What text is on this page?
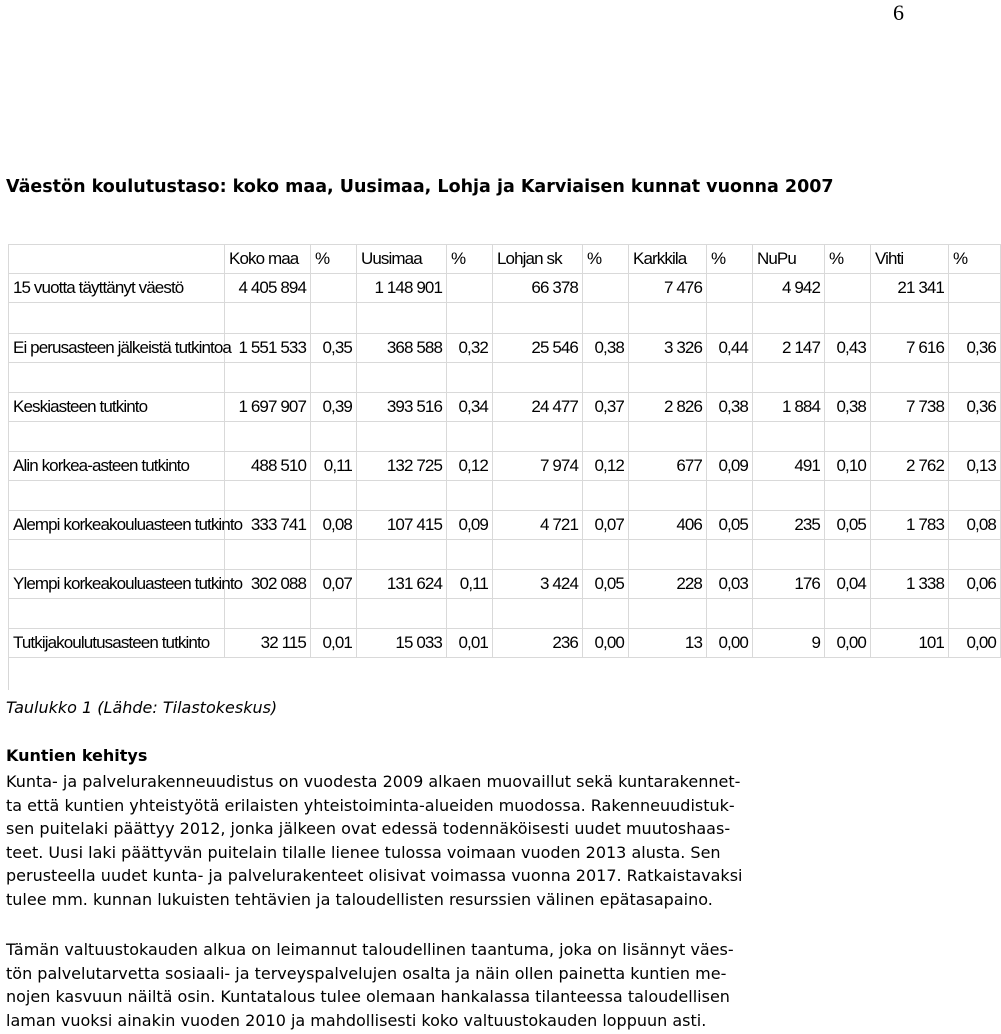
6
Väestön koulutustaso: koko maa, Uusimaa, Lohja ja Karviaisen kunnat vuonna 2007
	Koko maa	%	Uusimaa	%	Lohjan sk	%	Karkkila	%	NuPu	%	Vihti	%
15 vuotta täyttänyt väestö	4 405 894		1 148 901		66 378		7 476		4 942		21 341	

Ei perusasteen jälkeistä tutkintoa	1 551 533	0,35	368 588	0,32	25 546	0,38	3 326	0,44	2 147	0,43	7 616	0,36

Keskiasteen tutkinto	1 697 907	0,39	393 516	0,34	24 477	0,37	2 826	0,38	1 884	0,38	7 738	0,36

Alin korkea-asteen tutkinto	488 510	0,11	132 725	0,12	7 974	0,12	677	0,09	491	0,10	2 762	0,13

Alempi korkeakouluasteen tutkinto	333 741	0,08	107 415	0,09	4 721	0,07	406	0,05	235	0,05	1 783	0,08

Ylempi korkeakouluasteen tutkinto	302 088	0,07	131 624	0,11	3 424	0,05	228	0,03	176	0,04	1 338	0,06

Tutkijakoulutusasteen tutkinto	32 115	0,01	15 033	0,01	236	0,00	13	0,00	9	0,00	101	0,00
Taulukko 1 (Lähde: Tilastokeskus)
Kuntien kehitys

Kunta- ja palvelurakenneuudistus on vuodesta 2009 alkaen muovaillut sekä kuntarakennet-
ta että kuntien yhteistyötä erilaisten yhteistoiminta-alueiden muodossa. Rakenneuudistuk-
sen puitelaki päättyy 2012, jonka jälkeen ovat edessä todennäköisesti uudet muutoshaas-
teet. Uusi laki päättyvän puitelain tilalle lienee tulossa voimaan vuoden 2013 alusta. Sen
perusteella uudet kunta- ja palvelurakenteet olisivat voimassa vuonna 2017. Ratkaistavaksi
tulee mm. kunnan lukuisten tehtävien ja taloudellisten resurssien välinen epätasapaino.

Tämän valtuustokauden alkua on leimannut taloudellinen taantuma, joka on lisännyt väes-
tön palvelutarvetta sosiaali- ja terveyspalvelujen osalta ja näin ollen painetta kuntien me-
nojen kasvuun näiltä osin. Kuntatalous tulee olemaan hankalassa tilanteessa taloudellisen
laman vuoksi ainakin vuoden 2010 ja mahdollisesti koko valtuustokauden loppuun asti.
